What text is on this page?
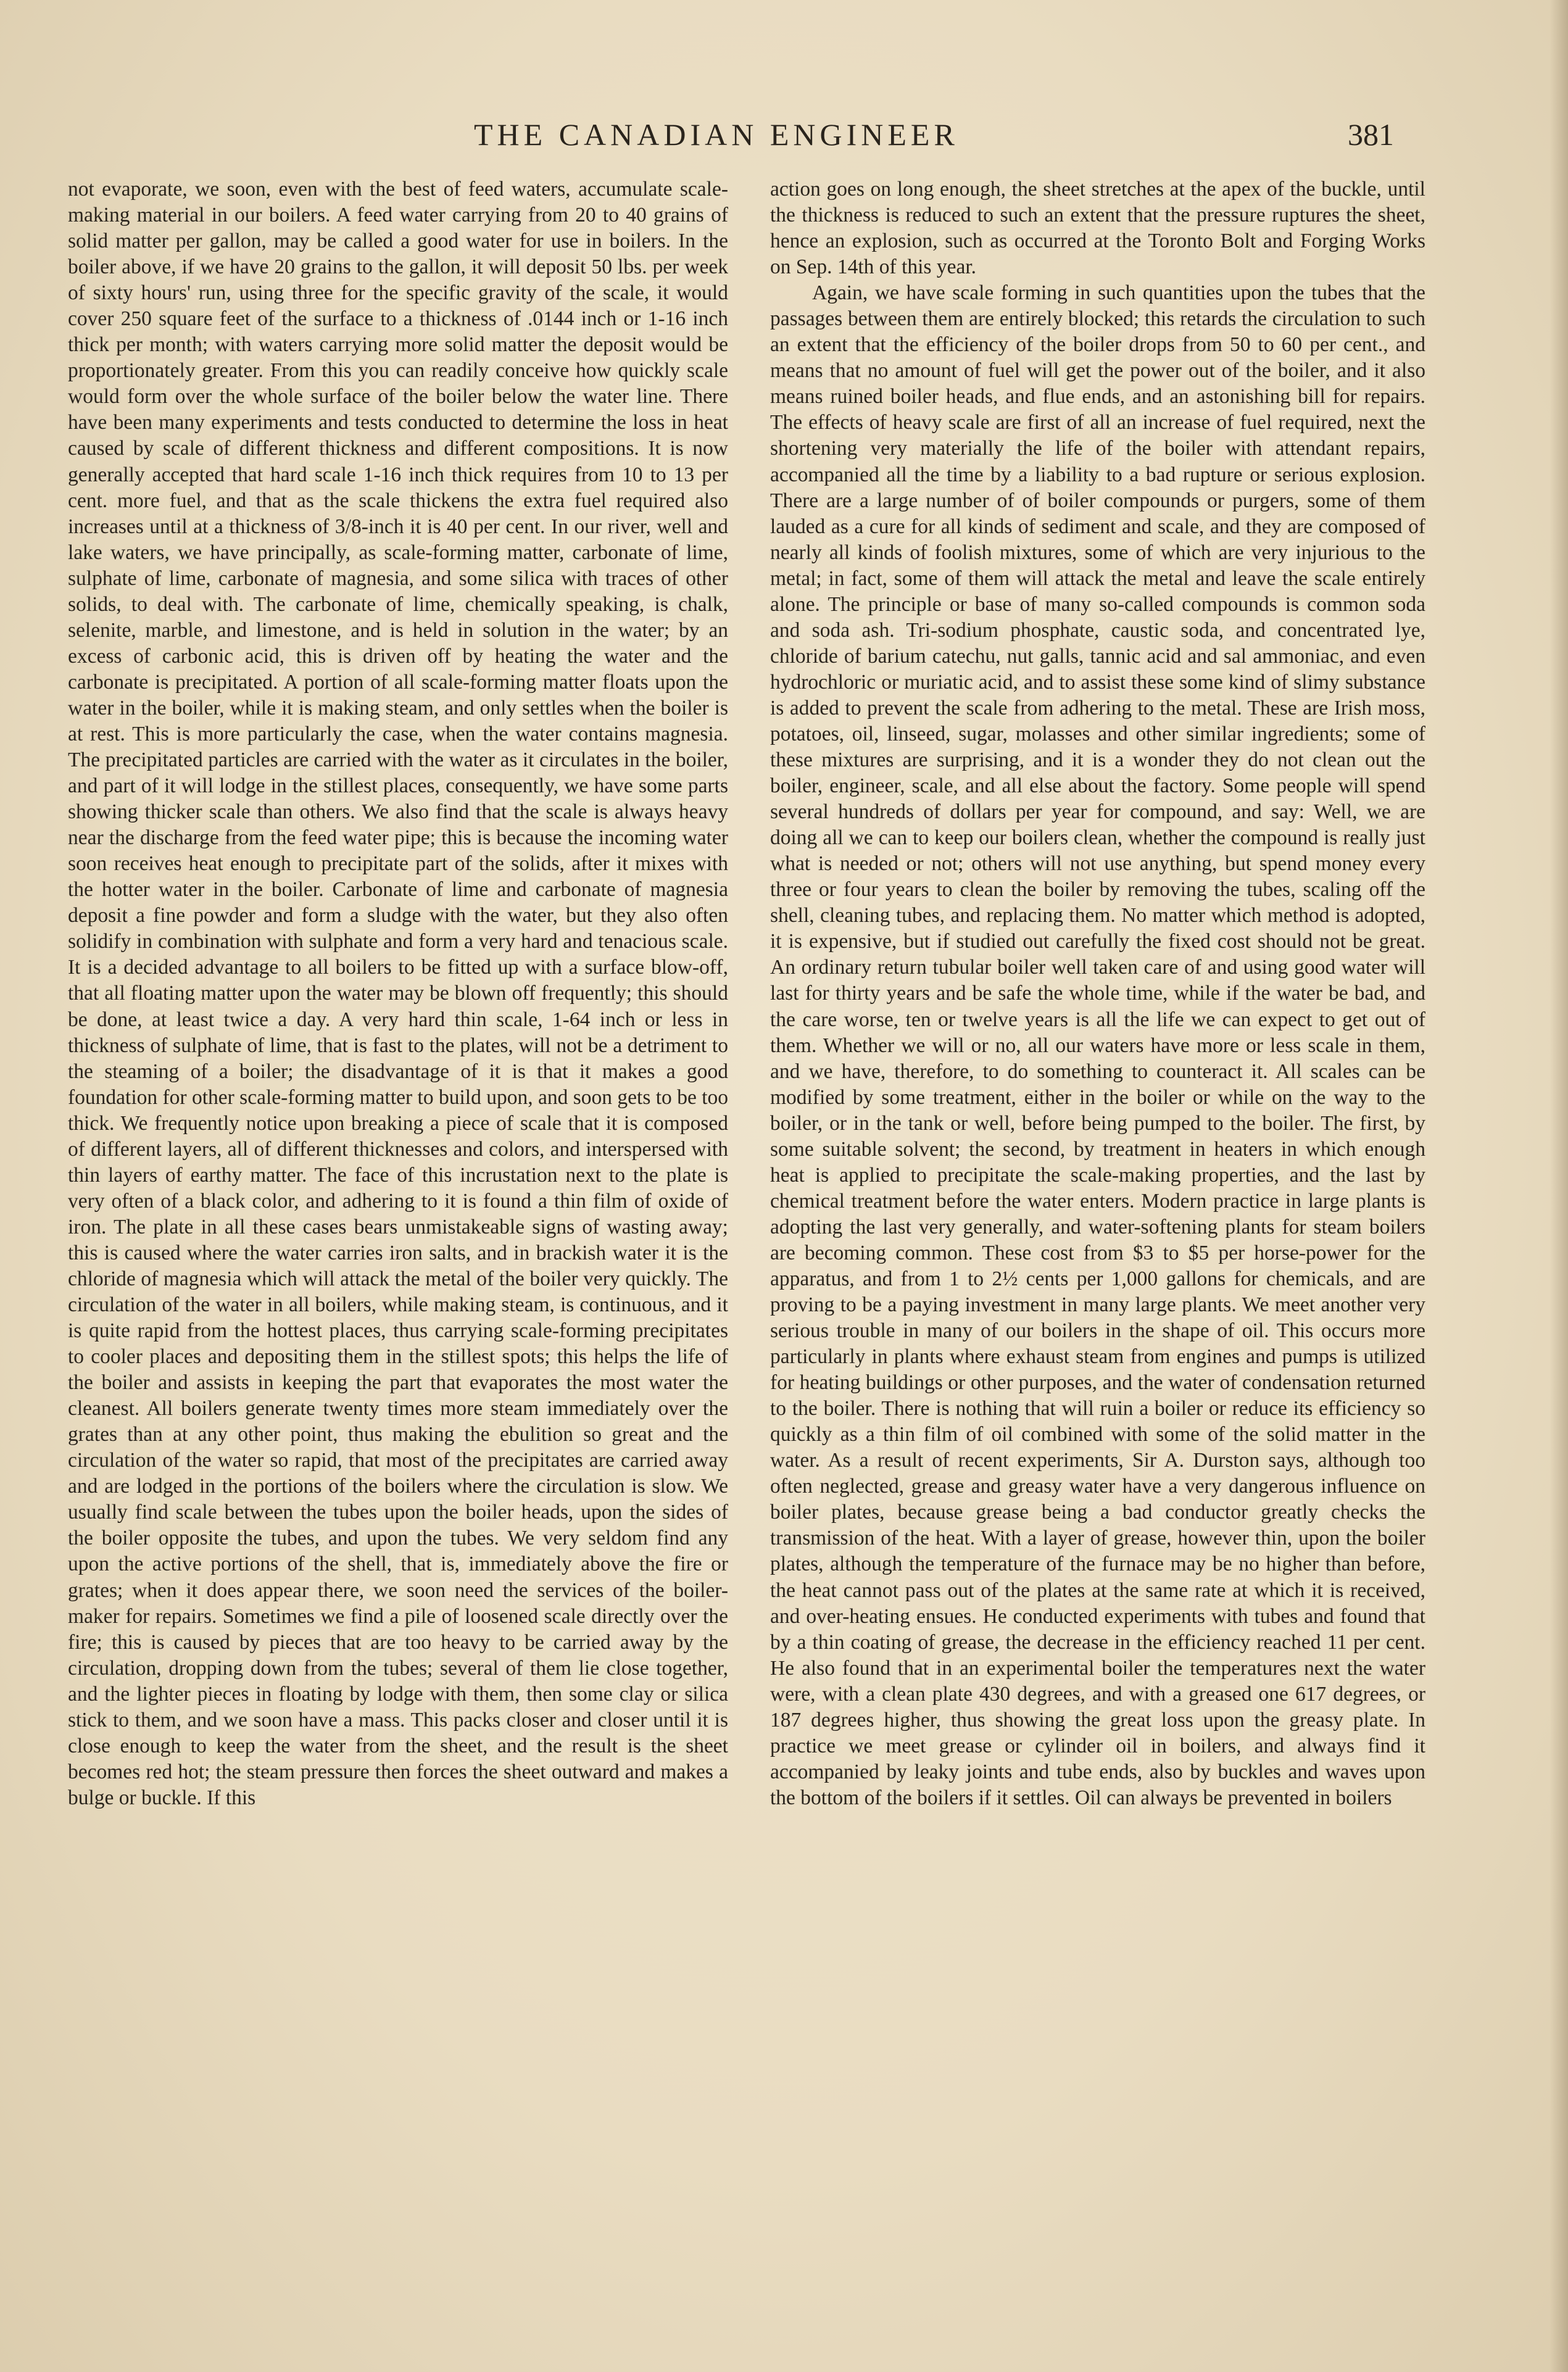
THE CANADIAN ENGINEER	381

not evaporate, we soon, even with the best of feed waters, accumulate scale-making material in our boilers. A feed water carrying from 20 to 40 grains of solid matter per gallon, may be called a good water for use in boilers. In the boiler above, if we have 20 grains to the gallon, it will deposit 50 lbs. per week of sixty hours' run, using three for the specific gravity of the scale, it would cover 250 square feet of the surface to a thickness of .0144 inch or 1-16 inch thick per month; with waters carrying more solid matter the deposit would be proportionately greater. From this you can readily conceive how quickly scale would form over the whole surface of the boiler below the water line. There have been many experiments and tests conducted to determine the loss in heat caused by scale of different thickness and different compositions. It is now generally accepted that hard scale 1-16 inch thick requires from 10 to 13 per cent. more fuel, and that as the scale thickens the extra fuel required also increases until at a thickness of 3/8-inch it is 40 per cent. In our river, well and lake waters, we have principally, as scale-forming matter, carbonate of lime, sulphate of lime, carbonate of magnesia, and some silica with traces of other solids, to deal with. The carbonate of lime, chemically speaking, is chalk, selenite, marble, and limestone, and is held in solution in the water; by an excess of carbonic acid, this is driven off by heating the water and the carbonate is precipitated. A portion of all scale-forming matter floats upon the water in the boiler, while it is making steam, and only settles when the boiler is at rest. This is more particularly the case, when the water contains magnesia. The precipitated particles are carried with the water as it circulates in the boiler, and part of it will lodge in the stillest places, consequently, we have some parts showing thicker scale than others. We also find that the scale is always heavy near the discharge from the feed water pipe; this is because the incoming water soon receives heat enough to precipitate part of the solids, after it mixes with the hotter water in the boiler. Carbonate of lime and carbonate of magnesia deposit a fine powder and form a sludge with the water, but they also often solidify in combination with sulphate and form a very hard and tenacious scale. It is a decided advantage to all boilers to be fitted up with a surface blow-off, that all floating matter upon the water may be blown off frequently; this should be done, at least twice a day. A very hard thin scale, 1-64 inch or less in thickness of sulphate of lime, that is fast to the plates, will not be a detriment to the steaming of a boiler; the disadvantage of it is that it makes a good foundation for other scale-forming matter to build upon, and soon gets to be too thick. We frequently notice upon breaking a piece of scale that it is composed of different layers, all of different thicknesses and colors, and interspersed with thin layers of earthy matter. The face of this incrustation next to the plate is very often of a black color, and adhering to it is found a thin film of oxide of iron. The plate in all these cases bears unmistakeable signs of wasting away; this is caused where the water carries iron salts, and in brackish water it is the chloride of magnesia which will attack the metal of the boiler very quickly. The circulation of the water in all boilers, while making steam, is continuous, and it is quite rapid from the hottest places, thus carrying scale-forming precipitates to cooler places and depositing them in the stillest spots; this helps the life of the boiler and assists in keeping the part that evaporates the most water the cleanest. All boilers generate twenty times more steam immediately over the grates than at any other point, thus making the ebulition so great and the circulation of the water so rapid, that most of the precipitates are carried away and are lodged in the portions of the boilers where the circulation is slow. We usually find scale between the tubes upon the boiler heads, upon the sides of the boiler opposite the tubes, and upon the tubes. We very seldom find any upon the active portions of the shell, that is, immediately above the fire or grates; when it does appear there, we soon need the services of the boiler-maker for repairs. Sometimes we find a pile of loosened scale directly over the fire; this is caused by pieces that are too heavy to be carried away by the circulation, dropping down from the tubes; several of them lie close together, and the lighter pieces in floating by lodge with them, then some clay or silica stick to them, and we soon have a mass. This packs closer and closer until it is close enough to keep the water from the sheet, and the result is the sheet becomes red hot; the steam pressure then forces the sheet outward and makes a bulge or buckle. If this

action goes on long enough, the sheet stretches at the apex of the buckle, until the thickness is reduced to such an extent that the pressure ruptures the sheet, hence an explosion, such as occurred at the Toronto Bolt and Forging Works on Sep. 14th of this year.

Again, we have scale forming in such quantities upon the tubes that the passages between them are entirely blocked; this retards the circulation to such an extent that the efficiency of the boiler drops from 50 to 60 per cent., and means that no amount of fuel will get the power out of the boiler, and it also means ruined boiler heads, and flue ends, and an astonishing bill for repairs. The effects of heavy scale are first of all an increase of fuel required, next the shortening very materially the life of the boiler with attendant repairs, accompanied all the time by a liability to a bad rupture or serious explosion. There are a large number of of boiler compounds or purgers, some of them lauded as a cure for all kinds of sediment and scale, and they are composed of nearly all kinds of foolish mixtures, some of which are very injurious to the metal; in fact, some of them will attack the metal and leave the scale entirely alone. The principle or base of many so-called compounds is common soda and soda ash. Tri-sodium phosphate, caustic soda, and concentrated lye, chloride of barium catechu, nut galls, tannic acid and sal ammoniac, and even hydrochloric or muriatic acid, and to assist these some kind of slimy substance is added to prevent the scale from adhering to the metal. These are Irish moss, potatoes, oil, linseed, sugar, molasses and other similar ingredients; some of these mixtures are surprising, and it is a wonder they do not clean out the boiler, engineer, scale, and all else about the factory. Some people will spend several hundreds of dollars per year for compound, and say: Well, we are doing all we can to keep our boilers clean, whether the compound is really just what is needed or not; others will not use anything, but spend money every three or four years to clean the boiler by removing the tubes, scaling off the shell, cleaning tubes, and replacing them. No matter which method is adopted, it is expensive, but if studied out carefully the fixed cost should not be great. An ordinary return tubular boiler well taken care of and using good water will last for thirty years and be safe the whole time, while if the water be bad, and the care worse, ten or twelve years is all the life we can expect to get out of them. Whether we will or no, all our waters have more or less scale in them, and we have, therefore, to do something to counteract it. All scales can be modified by some treatment, either in the boiler or while on the way to the boiler, or in the tank or well, before being pumped to the boiler. The first, by some suitable solvent; the second, by treatment in heaters in which enough heat is applied to precipitate the scale-making properties, and the last by chemical treatment before the water enters. Modern practice in large plants is adopting the last very generally, and water-softening plants for steam boilers are becoming common. These cost from $3 to $5 per horse-power for the apparatus, and from 1 to 2½ cents per 1,000 gallons for chemicals, and are proving to be a paying investment in many large plants. We meet another very serious trouble in many of our boilers in the shape of oil. This occurs more particularly in plants where exhaust steam from engines and pumps is utilized for heating buildings or other purposes, and the water of condensation returned to the boiler. There is nothing that will ruin a boiler or reduce its efficiency so quickly as a thin film of oil combined with some of the solid matter in the water. As a result of recent experiments, Sir A. Durston says, although too often neglected, grease and greasy water have a very dangerous influence on boiler plates, because grease being a bad conductor greatly checks the transmission of the heat. With a layer of grease, however thin, upon the boiler plates, although the temperature of the furnace may be no higher than before, the heat cannot pass out of the plates at the same rate at which it is received, and over-heating ensues. He conducted experiments with tubes and found that by a thin coating of grease, the decrease in the efficiency reached 11 per cent. He also found that in an experimental boiler the temperatures next the water were, with a clean plate 430 degrees, and with a greased one 617 degrees, or 187 degrees higher, thus showing the great loss upon the greasy plate. In practice we meet grease or cylinder oil in boilers, and always find it accompanied by leaky joints and tube ends, also by buckles and waves upon the bottom of the boilers if it settles. Oil can always be prevented in boilers
